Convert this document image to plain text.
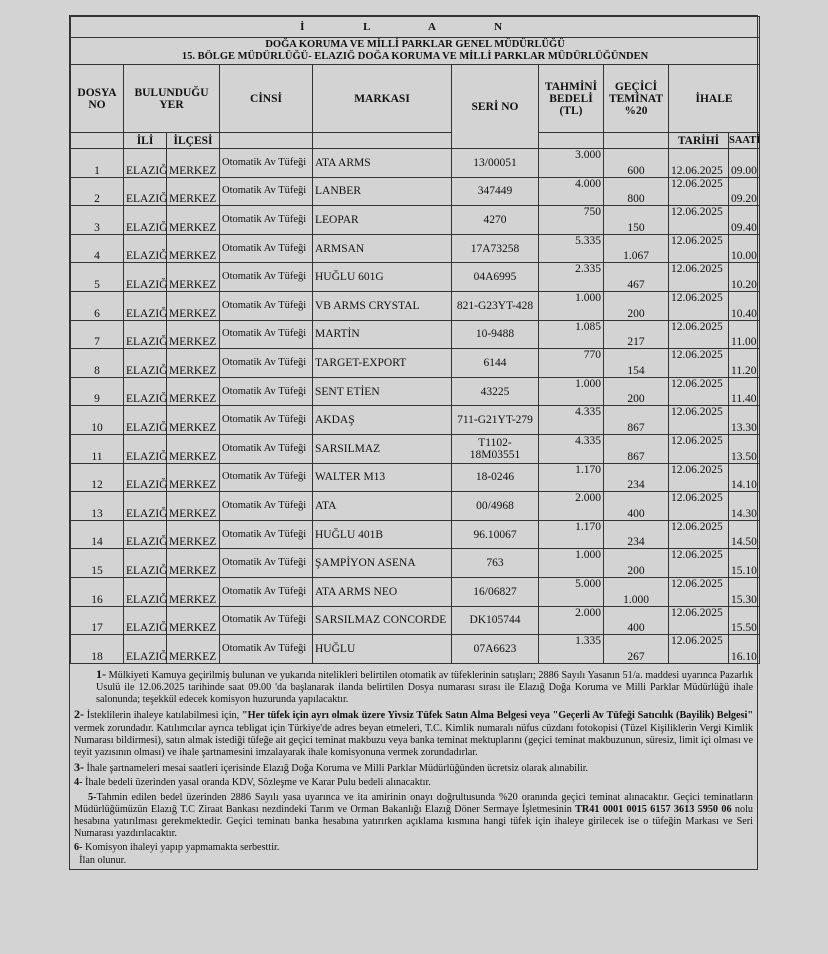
İ L A N									
DOĞA KORUMA VE MİLLİ PARKLAR GENEL MÜDÜRLÜĞÜ
15. BÖLGE MÜDÜRLÜĞÜ- ELAZIĞ DOĞA KORUMA VE MİLLİ PARKLAR MÜDÜRLÜĞÜNDEN									
DOSYA NO	BULUNDUĞU YER		CİNSİ	MARKASI	SERİ NO	TAHMİNİ BEDELİ (TL)	GEÇİCİ TEMİNAT %20	İHALE	
	İLİ	İLÇESİ						TARİHİ	SAATİ
1	ELAZIĞ	MERKEZ	Otomatik Av Tüfeği	ATA ARMS	13/00051	3.000	600	12.06.2025	09.00
2	ELAZIĞ	MERKEZ	Otomatik Av Tüfeği	LANBER	347449	4.000	800	12.06.2025	09.20
3	ELAZIĞ	MERKEZ	Otomatik Av Tüfeği	LEOPAR	4270	750	150	12.06.2025	09.40
4	ELAZIĞ	MERKEZ	Otomatik Av Tüfeği	ARMSAN	17A73258	5.335	1.067	12.06.2025	10.00
5	ELAZIĞ	MERKEZ	Otomatik Av Tüfeği	HUĞLU 601G	04A6995	2.335	467	12.06.2025	10.20
6	ELAZIĞ	MERKEZ	Otomatik Av Tüfeği	VB ARMS CRYSTAL	821-G23YT-428	1.000	200	12.06.2025	10.40
7	ELAZIĞ	MERKEZ	Otomatik Av Tüfeği	MARTİN	10-9488	1.085	217	12.06.2025	11.00
8	ELAZIĞ	MERKEZ	Otomatik Av Tüfeği	TARGET-EXPORT	6144	770	154	12.06.2025	11.20
9	ELAZIĞ	MERKEZ	Otomatik Av Tüfeği	SENT ETİEN	43225	1.000	200	12.06.2025	11.40
10	ELAZIĞ	MERKEZ	Otomatik Av Tüfeği	AKDAŞ	711-G21YT-279	4.335	867	12.06.2025	13.30
11	ELAZIĞ	MERKEZ	Otomatik Av Tüfeği	SARSILMAZ	T1102-18M03551	4.335	867	12.06.2025	13.50
12	ELAZIĞ	MERKEZ	Otomatik Av Tüfeği	WALTER M13	18-0246	1.170	234	12.06.2025	14.10
13	ELAZIĞ	MERKEZ	Otomatik Av Tüfeği	ATA	00/4968	2.000	400	12.06.2025	14.30
14	ELAZIĞ	MERKEZ	Otomatik Av Tüfeği	HUĞLU 401B	96.10067	1.170	234	12.06.2025	14.50
15	ELAZIĞ	MERKEZ	Otomatik Av Tüfeği	ŞAMPİYON ASENA	763	1.000	200	12.06.2025	15.10
16	ELAZIĞ	MERKEZ	Otomatik Av Tüfeği	ATA ARMS NEO	16/06827	5.000	1.000	12.06.2025	15.30
17	ELAZIĞ	MERKEZ	Otomatik Av Tüfeği	SARSILMAZ CONCORDE	DK105744	2.000	400	12.06.2025	15.50
18	ELAZIĞ	MERKEZ	Otomatik Av Tüfeği	HUĞLU	07A6623	1.335	267	12.06.2025	16.10

1- Mülkiyeti Kamuya geçirilmiş bulunan ve yukarıda nitelikleri belirtilen otomatik av tüfeklerinin satışları; 2886 Sayılı Yasanın 51/a. maddesi uyarınca Pazarlık Usulü ile 12.06.2025 tarihinde saat 09.00 'da başlanarak ilanda belirtilen Dosya numarası sırası ile Elazığ Doğa Koruma ve Milli Parklar Müdürlüğü ihale salonunda; teşekkül edecek komisyon huzurunda yapılacaktır.

2- İsteklilerin ihaleye katılabilmesi için, "Her tüfek için ayrı olmak üzere Yivsiz Tüfek Satın Alma Belgesi veya "Geçerli Av Tüfeği Satıcılık (Bayilik) Belgesi" vermek zorundadır. Katılımcılar ayrıca tebligat için Türkiye'de adres beyan etmeleri, T.C. Kimlik numaralı nüfus cüzdanı fotokopisi (Tüzel Kişiliklerin Vergi Kimlik Numarası bildirmesi), satın almak istediği tüfeğe ait geçici teminat makbuzu veya banka teminat mektuplarını (geçici teminat makbuzunun, süresiz, limit içi olması ve teyit yazısının olması) ve ihale şartnamesini imzalayarak ihale komisyonuna vermek zorundadırlar.

3- İhale şartnameleri mesai saatleri içerisinde Elazığ Doğa Koruma ve Milli Parklar Müdürlüğünden ücretsiz olarak alınabilir.

4- İhale bedeli üzerinden yasal oranda KDV, Sözleşme ve Karar Pulu bedeli alınacaktır.

5-Tahmin edilen bedel üzerinden 2886 Sayılı yasa uyarınca ve ita amirinin onayı doğrultusunda %20 oranında geçici teminat alınacaktır. Geçici teminatların Müdürlüğümüzün Elazığ T.C Ziraat Bankası nezdindeki Tarım ve Orman Bakanlığı Elazığ Döner Sermaye İşletmesinin TR41 0001 0015 6157 3613 5950 06 nolu hesabına yatırılması gerekmektedir. Geçici teminatı banka hesabına yatırırken açıklama kısmına hangi tüfek için ihaleye girilecek ise o tüfeğin Markası ve Seri Numarası yazdırılacaktır.

6- Komisyon ihaleyi yapıp yapmamakta serbesttir.
İlan olunur.
